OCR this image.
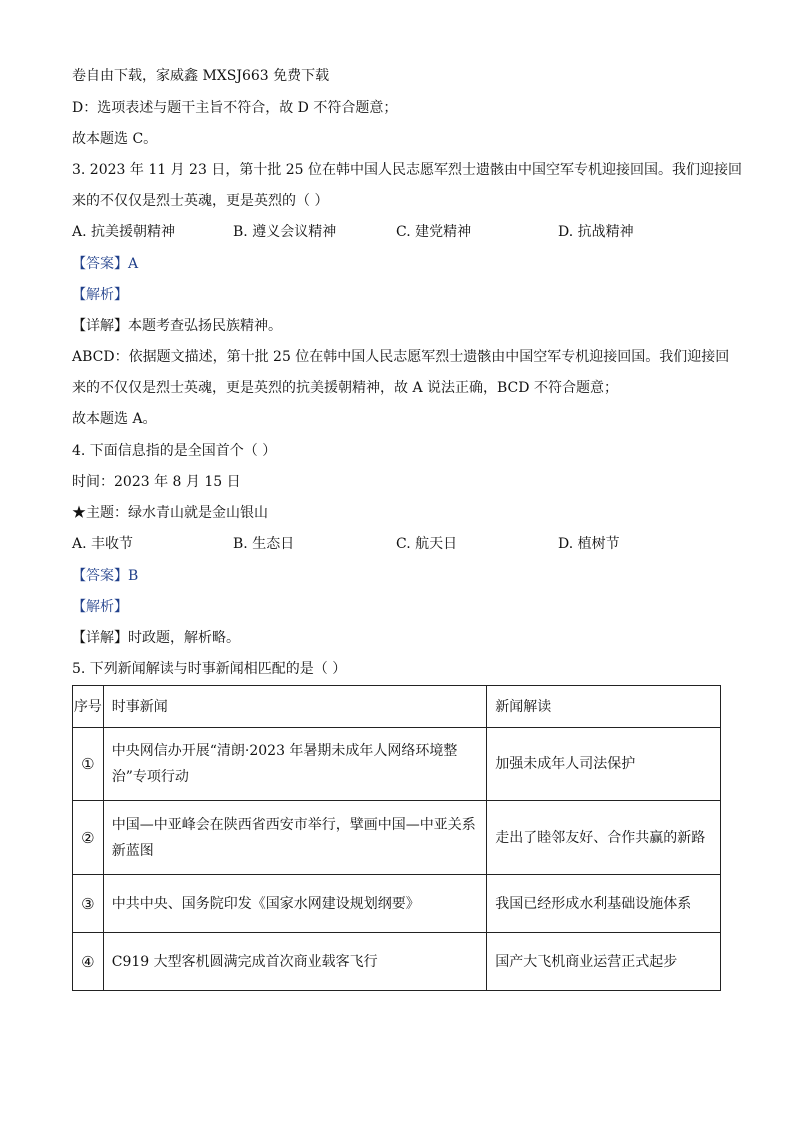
卷自由下载，家威鑫 MXSJ663 免费下载
D：选项表述与题干主旨不符合，故 D 不符合题意；
故本题选 C。
3. 2023 年 11 月 23 日，第十批 25 位在韩中国人民志愿军烈士遗骸由中国空军专机迎接回国。我们迎接回
来的不仅仅是烈士英魂，更是英烈的（ ）
A. 抗美援朝精神	B. 遵义会议精神	C. 建党精神	D. 抗战精神
【答案】A
【解析】
【详解】本题考查弘扬民族精神。
ABCD：依据题文描述，第十批 25 位在韩中国人民志愿军烈士遗骸由中国空军专机迎接回国。我们迎接回
来的不仅仅是烈士英魂，更是英烈的抗美援朝精神，故 A 说法正确，BCD 不符合题意；
故本题选 A。
4. 下面信息指的是全国首个（ ）
时间：2023 年 8 月 15 日
★主题：绿水青山就是金山银山
A. 丰收节	B. 生态日	C. 航天日	D. 植树节
【答案】B
【解析】
【详解】时政题，解析略。
5. 下列新闻解读与时事新闻相匹配的是（ ）
序号	时事新闻	新闻解读
①	中央网信办开展“清朗·2023 年暑期未成年人网络环境整治”专项行动	加强未成年人司法保护
②	中国—中亚峰会在陕西省西安市举行，擘画中国—中亚关系新蓝图	走出了睦邻友好、合作共赢的新路
③	中共中央、国务院印发《国家水网建设规划纲要》	我国已经形成水利基础设施体系
④	C919 大型客机圆满完成首次商业载客飞行	国产大飞机商业运营正式起步
